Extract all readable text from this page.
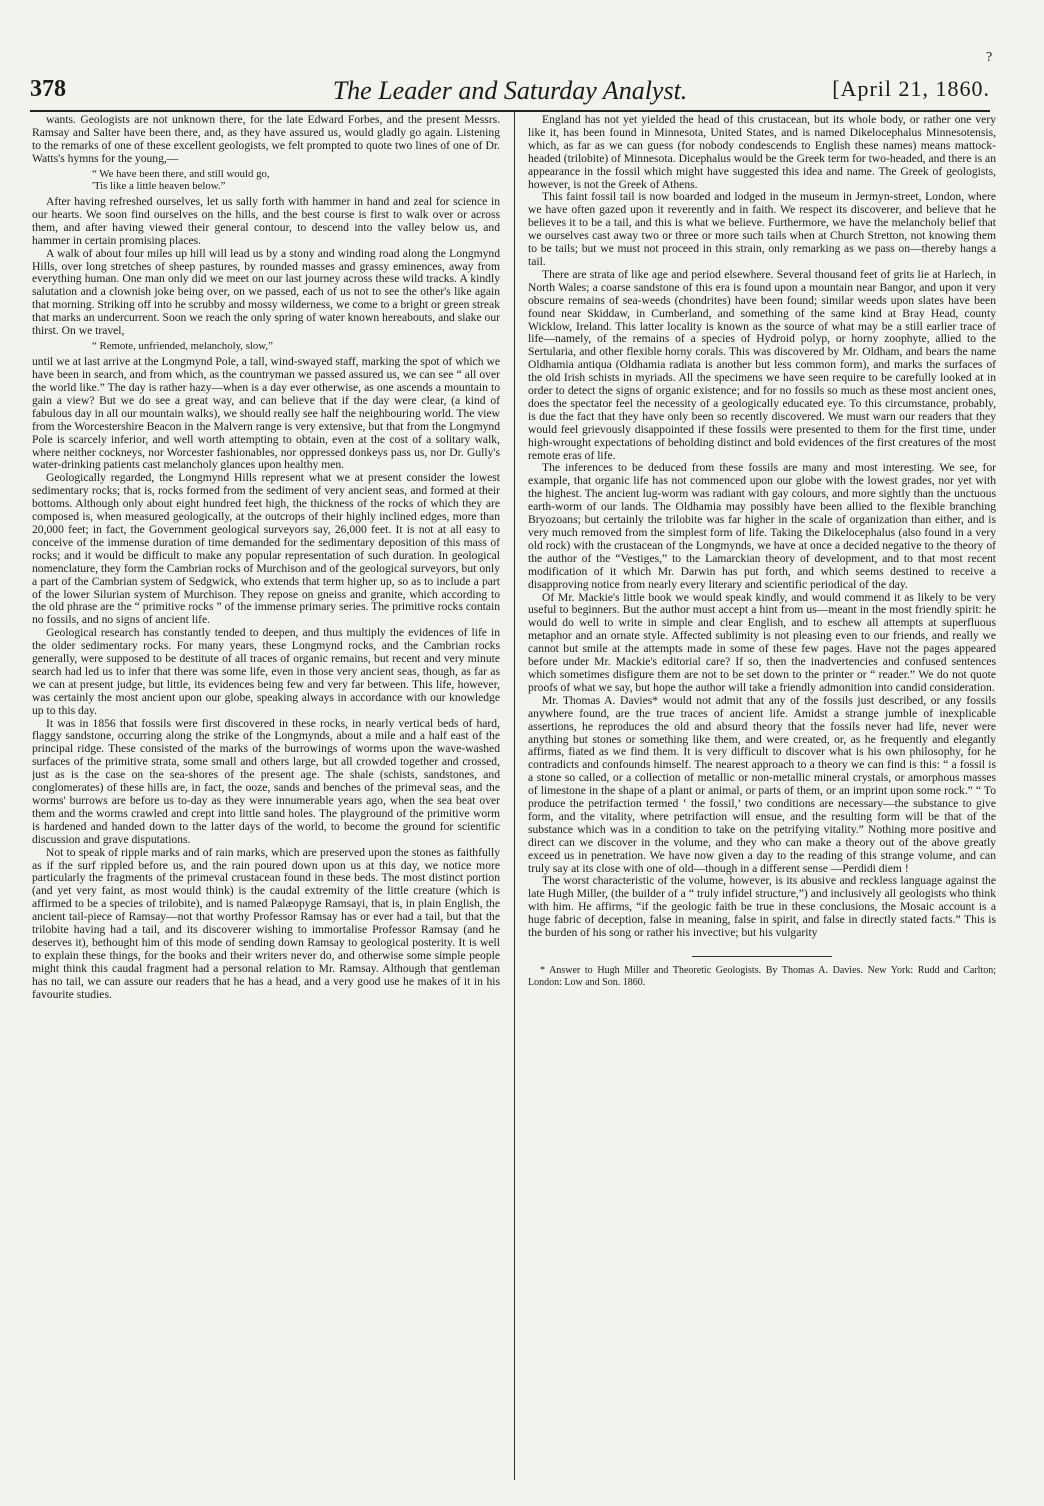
?
The Leader and Saturday Analyst.
378	[April 21, 1860.

wants. Geologists are not unknown there, for the late Edward Forbes, and the present Messrs. Ramsay and Salter have been there, and, as they have assured us, would gladly go again. Listening to the remarks of one of these excellent geologists, we felt prompted to quote two lines of one of Dr. Watts's hymns for the young,—

“ We have been there, and still would go,
'Tis like a little heaven below.”

After having refreshed ourselves, let us sally forth with hammer in hand and zeal for science in our hearts. We soon find ourselves on the hills, and the best course is first to walk over or across them, and after having viewed their general contour, to descend into the valley below us, and hammer in certain promising places.

A walk of about four miles up hill will lead us by a stony and winding road along the Longmynd Hills, over long stretches of sheep pastures, by rounded masses and grassy eminences, away from everything human. One man only did we meet on our last journey across these wild tracks. A kindly salutation and a clownish joke being over, on we passed, each of us not to see the other's like again that morning. Striking off into he scrubby and mossy wilderness, we come to a bright or green streak that marks an undercurrent. Soon we reach the only spring of water known hereabouts, and slake our thirst. On we travel,

“ Remote, unfriended, melancholy, slow,”

until we at last arrive at the Longmynd Pole, a tall, wind-swayed staff, marking the spot of which we have been in search, and from which, as the countryman we passed assured us, we can see “ all over the world like.” The day is rather hazy—when is a day ever otherwise, as one ascends a mountain to gain a view? But we do see a great way, and can believe that if the day were clear, (a kind of fabulous day in all our mountain walks), we should really see half the neighbouring world. The view from the Worcestershire Beacon in the Malvern range is very extensive, but that from the Longmynd Pole is scarcely inferior, and well worth attempting to obtain, even at the cost of a solitary walk, where neither cockneys, nor Worcester fashionables, nor oppressed donkeys pass us, nor Dr. Gully's water-drinking patients cast melancholy glances upon healthy men.

Geologically regarded, the Longmynd Hills represent what we at present consider the lowest sedimentary rocks; that is, rocks formed from the sediment of very ancient seas, and formed at their bottoms. Although only about eight hundred feet high, the thickness of the rocks of which they are composed is, when measured geologically, at the outcrops of their highly inclined edges, more than 20,000 feet; in fact, the Government geological surveyors say, 26,000 feet. It is not at all easy to conceive of the immense duration of time demanded for the sedimentary deposition of this mass of rocks; and it would be difficult to make any popular representation of such duration. In geological nomenclature, they form the Cambrian rocks of Murchison and of the geological surveyors, but only a part of the Cambrian system of Sedgwick, who extends that term higher up, so as to include a part of the lower Silurian system of Murchison. They repose on gneiss and granite, which according to the old phrase are the “ primitive rocks ” of the immense primary series. The primitive rocks contain no fossils, and no signs of ancient life.

Geological research has constantly tended to deepen, and thus multiply the evidences of life in the older sedimentary rocks. For many years, these Longmynd rocks, and the Cambrian rocks generally, were supposed to be destitute of all traces of organic remains, but recent and very minute search had led us to infer that there was some life, even in those very ancient seas, though, as far as we can at present judge, but little, its evidences being few and very far between. This life, however, was certainly the most ancient upon our globe, speaking always in accordance with our knowledge up to this day.

It was in 1856 that fossils were first discovered in these rocks, in nearly vertical beds of hard, flaggy sandstone, occurring along the strike of the Longmynds, about a mile and a half east of the principal ridge. These consisted of the marks of the burrowings of worms upon the wave-washed surfaces of the primitive strata, some small and others large, but all crowded together and crossed, just as is the case on the sea-shores of the present age. The shale (schists, sandstones, and conglomerates) of these hills are, in fact, the ooze, sands and benches of the primeval seas, and the worms' burrows are before us to-day as they were innumerable years ago, when the sea beat over them and the worms crawled and crept into little sand holes. The playground of the primitive worm is hardened and handed down to the latter days of the world, to become the ground for scientific discussion and grave disputations.

Not to speak of ripple marks and of rain marks, which are preserved upon the stones as faithfully as if the surf rippled before us, and the rain poured down upon us at this day, we notice more particularly the fragments of the primeval crustacean found in these beds. The most distinct portion (and yet very faint, as most would think) is the caudal extremity of the little creature (which is affirmed to be a species of trilobite), and is named Palæopyge Ramsayi, that is, in plain English, the ancient tail-piece of Ramsay—not that worthy Professor Ramsay has or ever had a tail, but that the trilobite having had a tail, and its discoverer wishing to immortalise Professor Ramsay (and he deserves it), bethought him of this mode of sending down Ramsay to geological posterity. It is well to explain these things, for the books and their writers never do, and otherwise some simple people might think this caudal fragment had a personal relation to Mr. Ramsay. Although that gentleman has no tail, we can assure our readers that he has a head, and a very good use he makes of it in his favourite studies.

England has not yet yielded the head of this crustacean, but its whole body, or rather one very like it, has been found in Minnesota, United States, and is named Dikelocephalus Minnesotensis, which, as far as we can guess (for nobody condescends to English these names) means mattock-headed (trilobite) of Minnesota. Dicephalus would be the Greek term for two-headed, and there is an appearance in the fossil which might have suggested this idea and name. The Greek of geologists, however, is not the Greek of Athens.

This faint fossil tail is now boarded and lodged in the museum in Jermyn-street, London, where we have often gazed upon it reverently and in faith. We respect its discoverer, and believe that he believes it to be a tail, and this is what we believe. Furthermore, we have the melancholy belief that we ourselves cast away two or three or more such tails when at Church Stretton, not knowing them to be tails; but we must not proceed in this strain, only remarking as we pass on—thereby hangs a tail.

There are strata of like age and period elsewhere. Several thousand feet of grits lie at Harlech, in North Wales; a coarse sandstone of this era is found upon a mountain near Bangor, and upon it very obscure remains of sea-weeds (chondrites) have been found; similar weeds upon slates have been found near Skiddaw, in Cumberland, and something of the same kind at Bray Head, county Wicklow, Ireland. This latter locality is known as the source of what may be a still earlier trace of life—namely, of the remains of a species of Hydroid polyp, or horny zoophyte, allied to the Sertularia, and other flexible horny corals. This was discovered by Mr. Oldham, and bears the name Oldhamia antiqua (Oldhamia radiata is another but less common form), and marks the surfaces of the old Irish schists in myriads. All the specimens we have seen require to be carefully looked at in order to detect the signs of organic existence; and for no fossils so much as these most ancient ones, does the spectator feel the necessity of a geologically educated eye. To this circumstance, probably, is due the fact that they have only been so recently discovered. We must warn our readers that they would feel grievously disappointed if these fossils were presented to them for the first time, under high-wrought expectations of beholding distinct and bold evidences of the first creatures of the most remote eras of life.

The inferences to be deduced from these fossils are many and most interesting. We see, for example, that organic life has not commenced upon our globe with the lowest grades, nor yet with the highest. The ancient lug-worm was radiant with gay colours, and more sightly than the unctuous earth-worm of our lands. The Oldhamia may possibly have been allied to the flexible branching Bryozoans; but certainly the trilobite was far higher in the scale of organization than either, and is very much removed from the simplest form of life. Taking the Dikelocephalus (also found in a very old rock) with the crustacean of the Longmynds, we have at once a decided negative to the theory of the author of the “Vestiges,” to the Lamarckian theory of development, and to that most recent modification of it which Mr. Darwin has put forth, and which seems destined to receive a disapproving notice from nearly every literary and scientific periodical of the day.

Of Mr. Mackie's little book we would speak kindly, and would commend it as likely to be very useful to beginners. But the author must accept a hint from us—meant in the most friendly spirit: he would do well to write in simple and clear English, and to eschew all attempts at superfluous metaphor and an ornate style. Affected sublimity is not pleasing even to our friends, and really we cannot but smile at the attempts made in some of these few pages. Have not the pages appeared before under Mr. Mackie's editorial care? If so, then the inadvertencies and confused sentences which sometimes disfigure them are not to be set down to the printer or “ reader.” We do not quote proofs of what we say, but hope the author will take a friendly admonition into candid consideration.

Mr. Thomas A. Davies* would not admit that any of the fossils just described, or any fossils anywhere found, are the true traces of ancient life. Amidst a strange jumble of inexplicable assertions, he reproduces the old and absurd theory that the fossils never had life, never were anything but stones or something like them, and were created, or, as he frequently and elegantly affirms, fiated as we find them. It is very difficult to discover what is his own philosophy, for he contradicts and confounds himself. The nearest approach to a theory we can find is this: “ a fossil is a stone so called, or a collection of metallic or non-metallic mineral crystals, or amorphous masses of limestone in the shape of a plant or animal, or parts of them, or an imprint upon some rock.” “ To produce the petrifaction termed ‘ the fossil,’ two conditions are necessary—the substance to give form, and the vitality, where petrifaction will ensue, and the resulting form will be that of the substance which was in a condition to take on the petrifying vitality.” Nothing more positive and direct can we discover in the volume, and they who can make a theory out of the above greatly exceed us in penetration. We have now given a day to the reading of this strange volume, and can truly say at its close with one of old—though in a different sense —Perdidi diem !

The worst characteristic of the volume, however, is its abusive and reckless language against the late Hugh Miller, (the builder of a “ truly infidel structure,”) and inclusively all geologists who think with him. He affirms, “if the geologic faith be true in these conclusions, the Mosaic account is a huge fabric of deception, false in meaning, false in spirit, and false in directly stated facts.” This is the burden of his song or rather his invective; but his vulgarity

* Answer to Hugh Miller and Theoretic Geologists. By Thomas A. Davies. New York: Rudd and Carlton; London: Low and Son. 1860.
